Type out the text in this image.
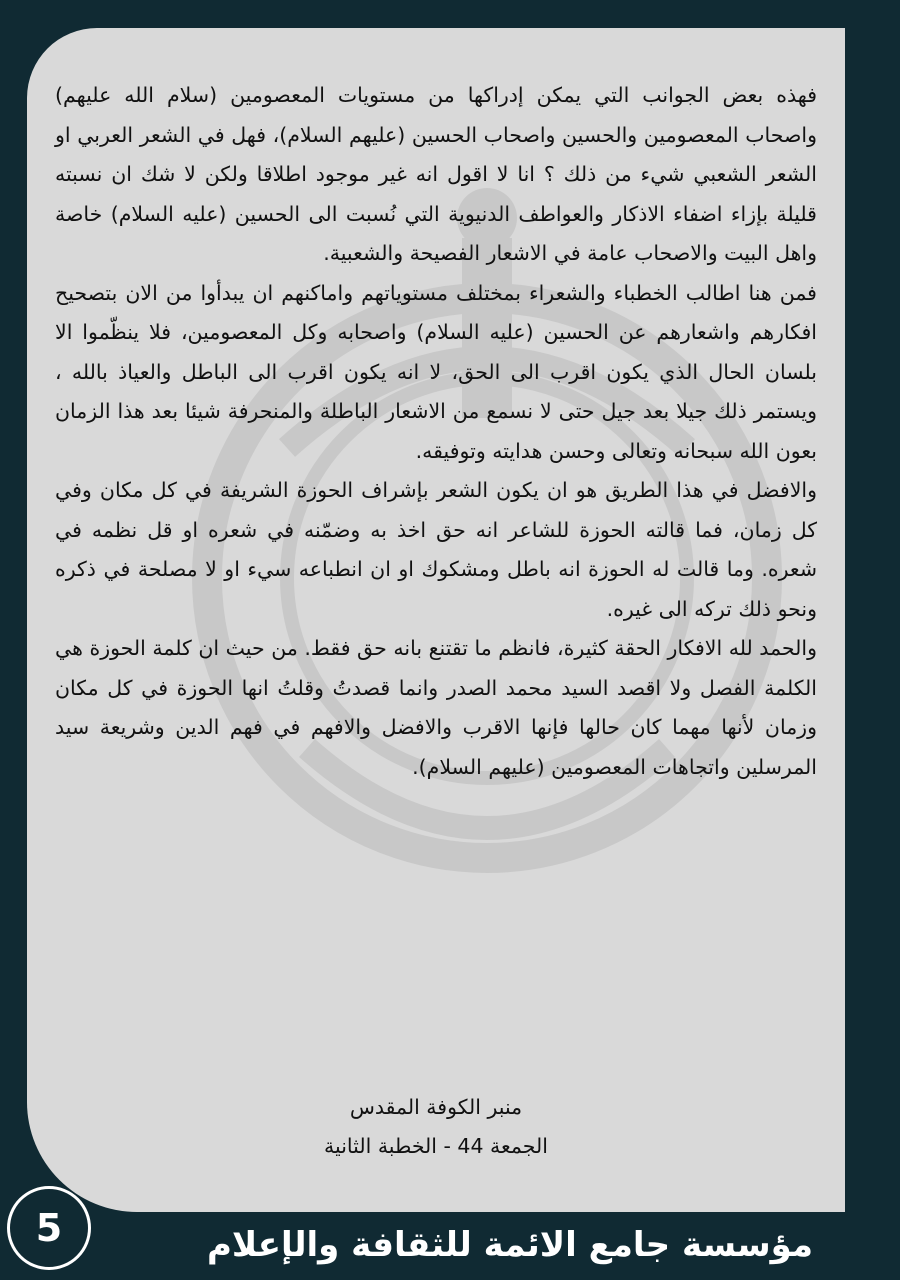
فهذه بعض الجوانب التي يمكن إدراكها من مستويات المعصومين (سلام الله عليهم) واصحاب المعصومين والحسين واصحاب الحسين (عليهم السلام)، فهل في الشعر العربي او الشعر الشعبي شيء من ذلك ؟ انا لا اقول انه غير موجود اطلاقا ولكن لا شك ان نسبته قليلة بإزاء اضفاء الاذكار والعواطف الدنيوية التي نُسبت الى الحسين (عليه السلام) خاصة واهل البيت والاصحاب عامة في الاشعار الفصيحة والشعبية.

فمن هنا اطالب الخطباء والشعراء بمختلف مستوياتهم واماكنهم ان يبدأوا من الان بتصحيح افكارهم واشعارهم عن الحسين (عليه السلام) واصحابه وكل المعصومين، فلا ينظّموا الا بلسان الحال الذي يكون اقرب الى الحق، لا انه يكون اقرب الى الباطل والعياذ بالله ، ويستمر ذلك جيلا بعد جيل حتى لا نسمع من الاشعار الباطلة والمنحرفة شيئا بعد هذا الزمان بعون الله سبحانه وتعالى وحسن هدايته وتوفيقه.

والافضل في هذا الطريق هو ان يكون الشعر بإشراف الحوزة الشريفة في كل مكان وفي كل زمان، فما قالته الحوزة للشاعر انه حق اخذ به وضمّنه في شعره او قل نظمه في شعره. وما قالت له الحوزة انه باطل ومشكوك او ان انطباعه سيء او لا مصلحة في ذكره ونحو ذلك تركه الى غيره.

والحمد لله الافكار الحقة كثيرة، فانظم ما تقتنع بانه حق فقط. من حيث ان كلمة الحوزة هي الكلمة الفصل ولا اقصد السيد محمد الصدر وانما قصدتُ وقلتُ انها الحوزة في كل مكان وزمان لأنها مهما كان حالها فإنها الاقرب والافضل والافهم في فهم الدين وشريعة سيد المرسلين واتجاهات المعصومين (عليهم السلام).

منبر الكوفة المقدس
الجمعة 44 - الخطبة الثانية
5	مؤسسة جامع الائمة للثقافة والإعلام
